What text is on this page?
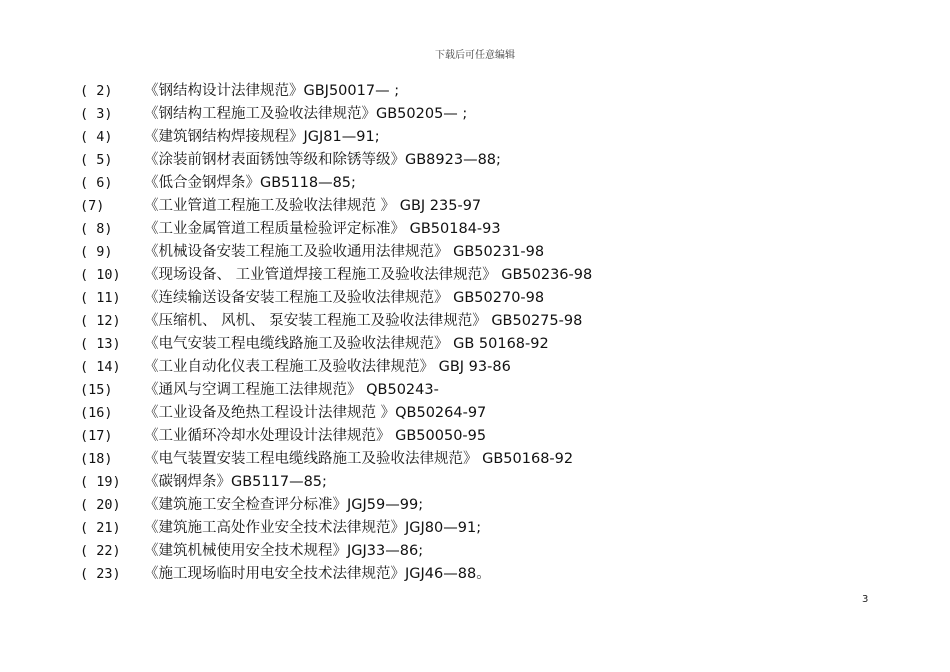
下载后可任意编辑
( 2) 《钢结构设计法律规范》GBJ50017— ;
( 3) 《钢结构工程施工及验收法律规范》GB50205— ;
( 4) 《建筑钢结构焊接规程》JGJ81—91;
( 5) 《涂装前钢材表面锈蚀等级和除锈等级》GB8923—88;
( 6) 《低合金钢焊条》GB5118—85;
(7)	《工业管道工程施工及验收法律规范 》 GBJ 235-97
( 8) 《工业金属管道工程质量检验评定标准》 GB50184-93
( 9) 《机械设备安装工程施工及验收通用法律规范》 GB50231-98
( 10) 《现场设备、 工业管道焊接工程施工及验收法律规范》 GB50236-98
( 11) 《连续输送设备安装工程施工及验收法律规范》 GB50270-98
( 12) 《压缩机、 风机、 泵安装工程施工及验收法律规范》 GB50275-98
( 13) 《电气安装工程电缆线路施工及验收法律规范》 GB 50168-92
( 14) 《工业自动化仪表工程施工及验收法律规范》 GBJ 93-86
(15) 《通风与空调工程施工法律规范》 QB50243-
(16) 《工业设备及绝热工程设计法律规范 》QB50264-97
(17) 《工业循环冷却水处理设计法律规范》 GB50050-95
(18) 《电气装置安装工程电缆线路施工及验收法律规范》 GB50168-92
( 19) 《碳钢焊条》GB5117—85;
( 20) 《建筑施工安全检查评分标准》JGJ59—99;
( 21) 《建筑施工高处作业安全技术法律规范》JGJ80—91;
( 22) 《建筑机械使用安全技术规程》JGJ33—86;
( 23) 《施工现场临时用电安全技术法律规范》JGJ46—88。
3
